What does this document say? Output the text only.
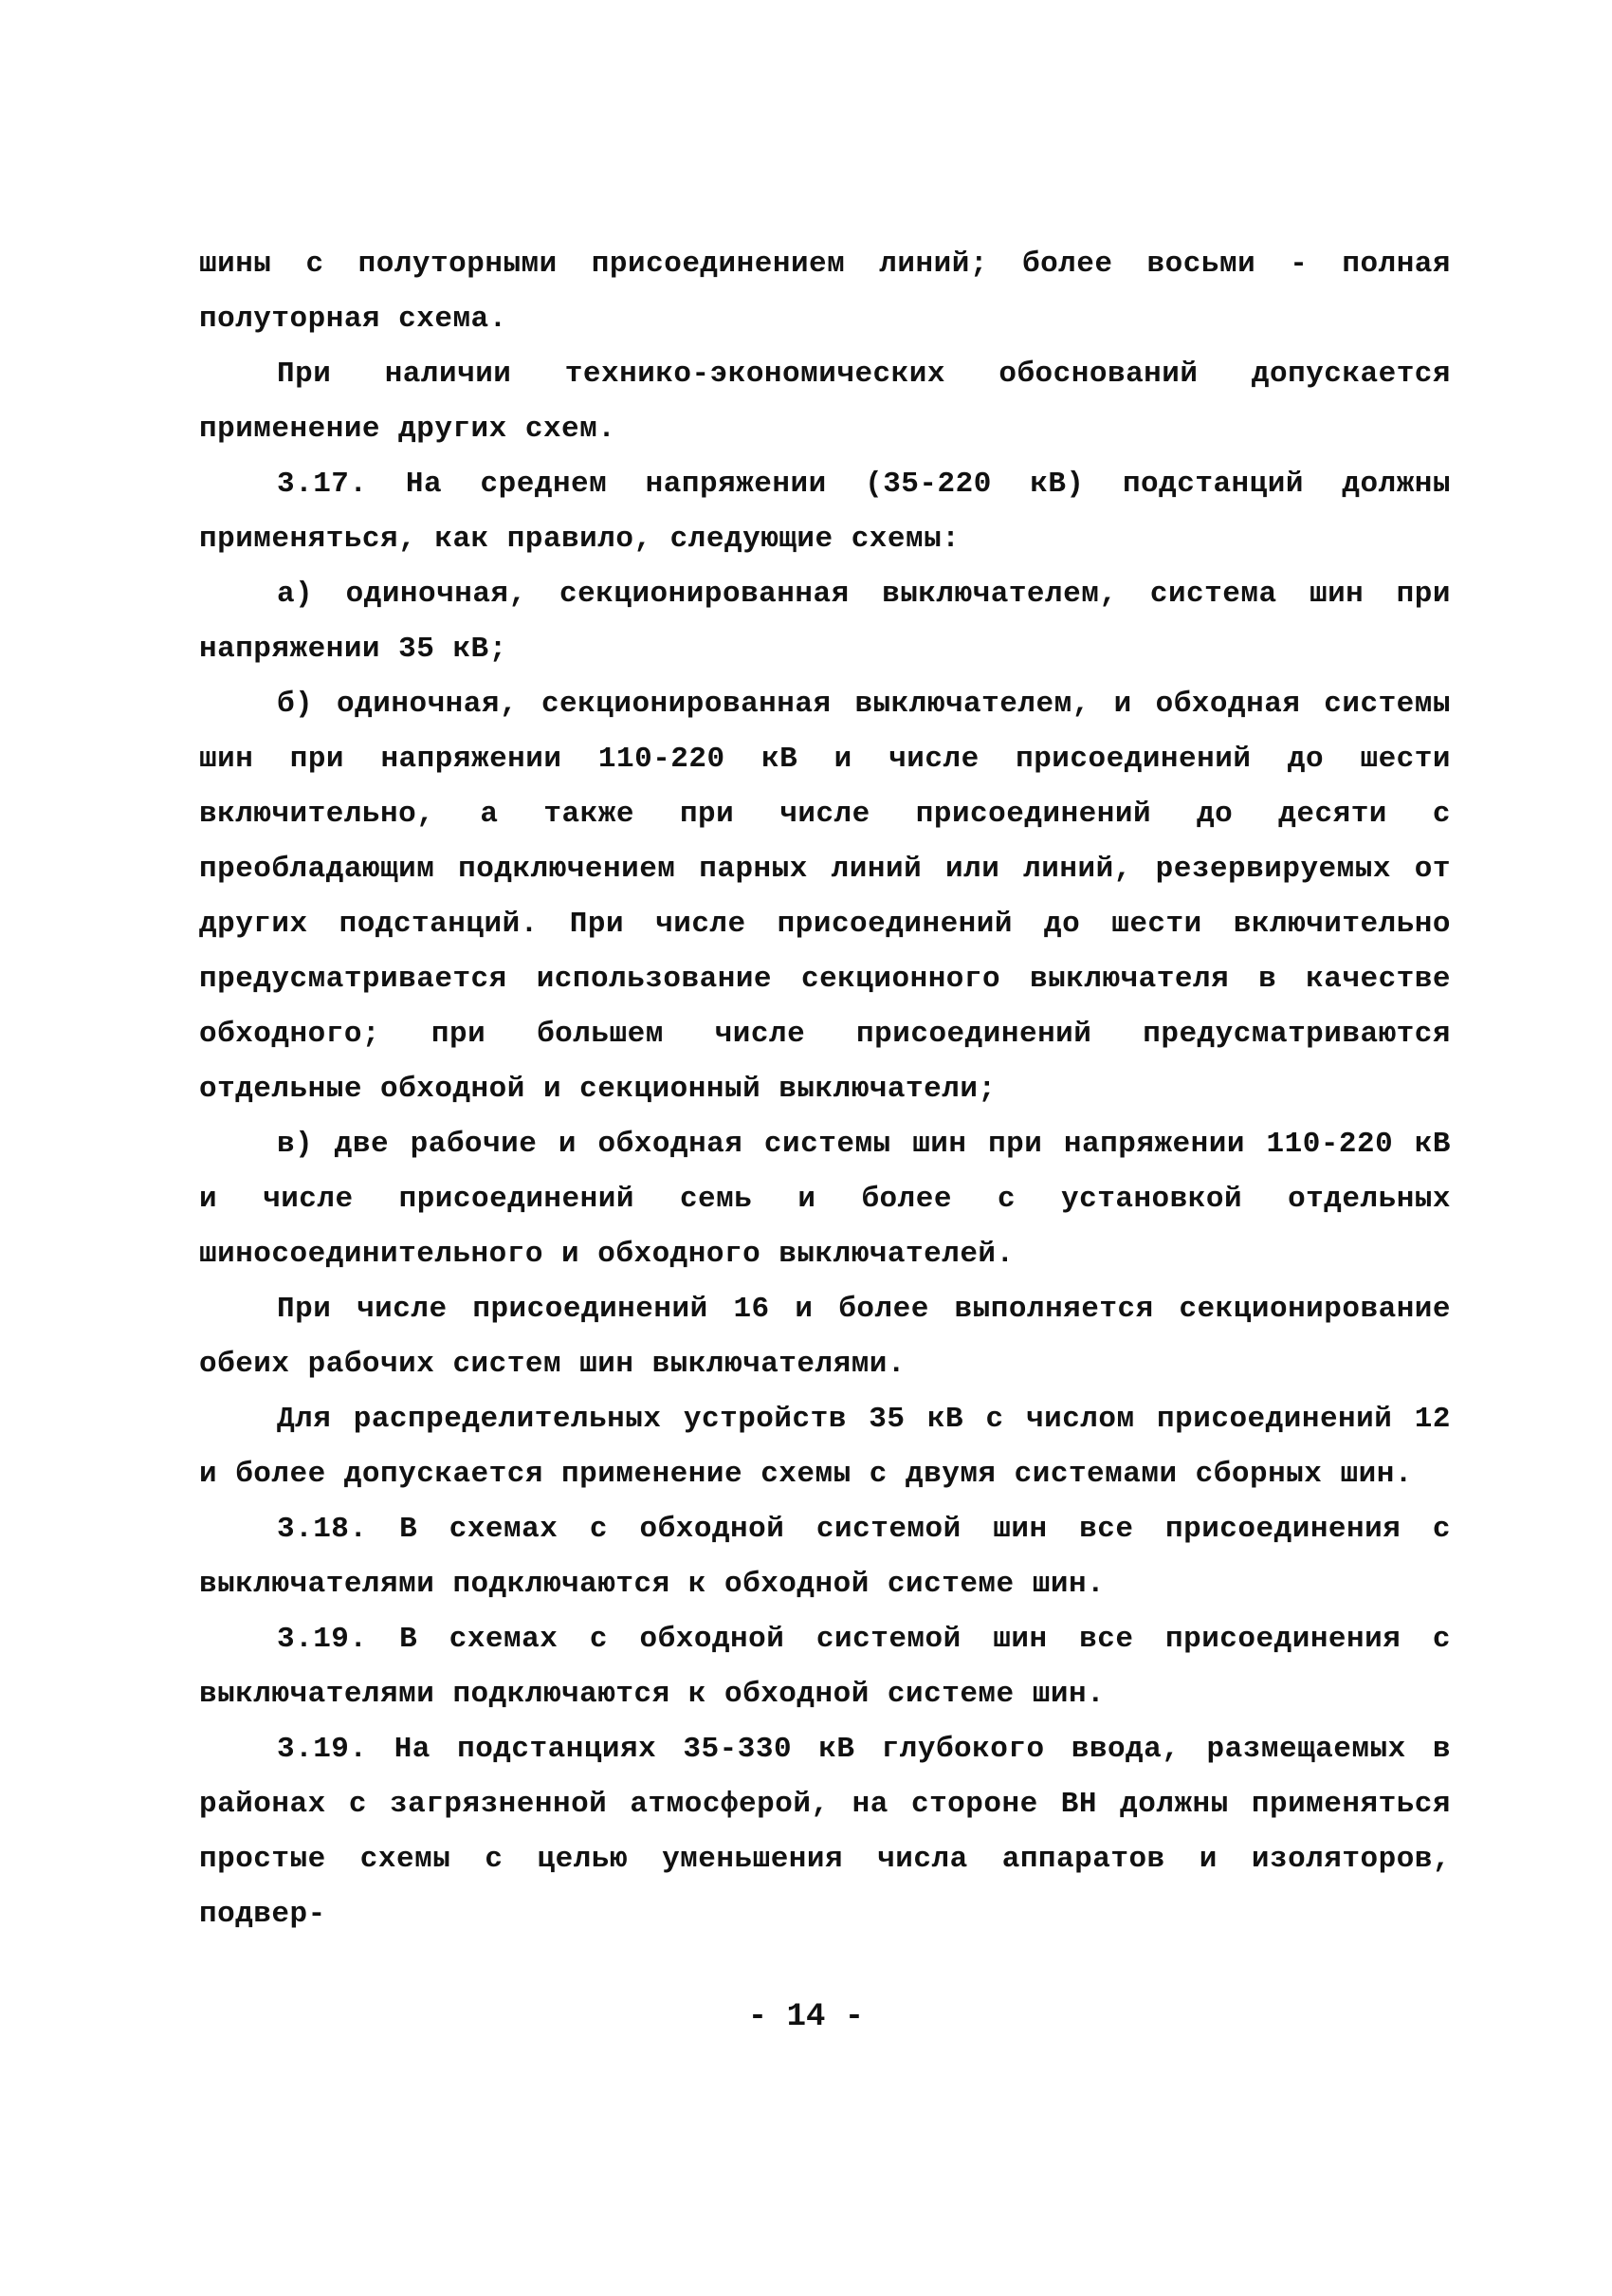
шины с полуторными присоединением линий; более восьми - полная полуторная схема.

При наличии технико-экономических обоснований допускается применение других схем.

3.17. На среднем напряжении (35-220 кВ) подстанций должны применяться, как правило, следующие схемы:

а) одиночная, секционированная выключателем, система шин при напряжении 35 кВ;

б) одиночная, секционированная выключателем, и обходная системы шин при напряжении 110-220 кВ и числе присоединений до шести включительно, а также при числе присоединений до десяти с преобладающим подключением парных линий или линий, резервируемых от других подстанций. При числе присоединений до шести включительно предусматривается использование секционного выключателя в качестве обходного; при большем числе присоединений предусматриваются отдельные обходной и секционный выключатели;

в) две рабочие и обходная системы шин при напряжении 110-220 кВ и числе присоединений семь и более с установкой отдельных шиносоединительного и обходного выключателей.

При числе присоединений 16 и более выполняется секционирование обеих рабочих систем шин выключателями.

Для распределительных устройств 35 кВ с числом присоединений 12 и более допускается применение схемы с двумя системами сборных шин.

3.18. В схемах с обходной системой шин все присоединения с выключателями подключаются к обходной системе шин.

3.19. В схемах с обходной системой шин все присоединения с выключателями подключаются к обходной системе шин.

3.19. На подстанциях 35-330 кВ глубокого ввода, размещаемых в районах с загрязненной атмосферой, на стороне ВН должны применяться простые схемы с целью уменьшения числа аппаратов и изоляторов, подвер-

- 14 -
